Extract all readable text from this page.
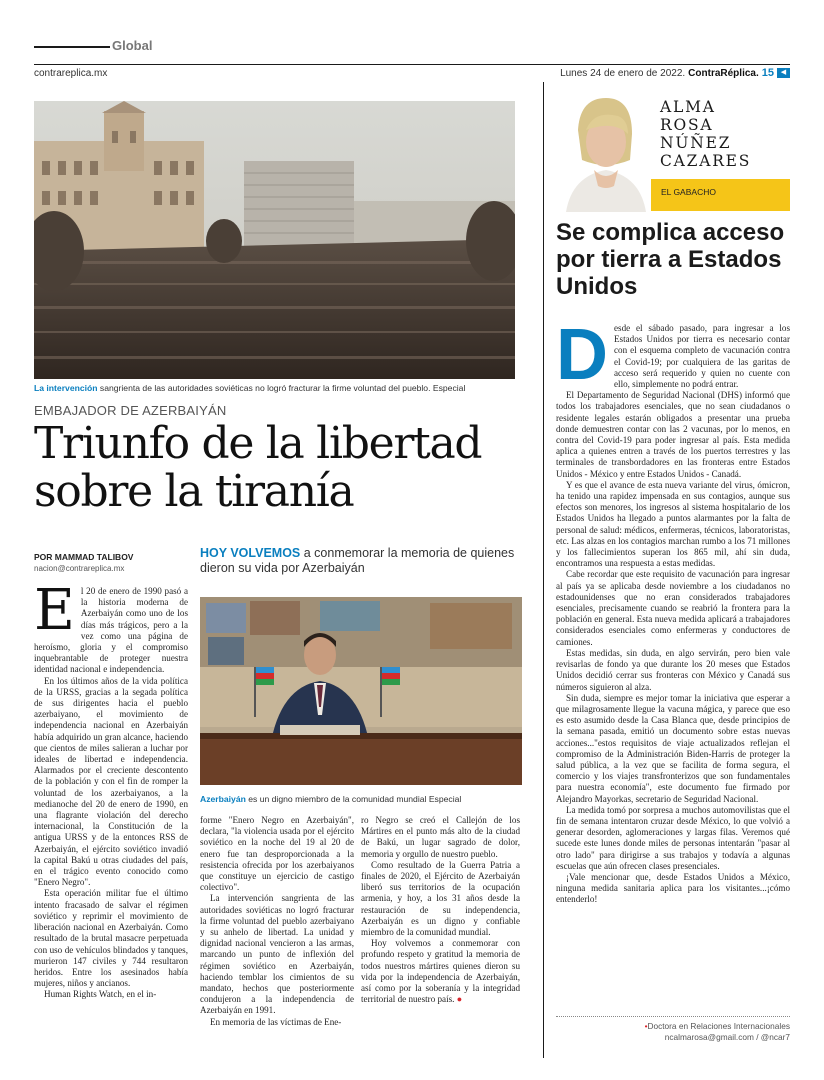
Global
contrareplica.mx	Lunes 24 de enero de 2022. ContraRéplica. 15 ◀
La intervención sangrienta de las autoridades soviéticas no logró fracturar la firme voluntad del pueblo. Especial
EMBAJADOR DE AZERBAIYÁN
Triunfo de la libertad sobre la tiranía
POR MAMMAD TALIBOV
nacion@contrareplica.mx
HOY VOLVEMOS a conmemorar la memoria de quienes dieron su vida por Azerbaiyán
Azerbaiyán es un digno miembro de la comunidad mundial Especial
E l 20 de enero de 1990 pasó a la historia moderna de Azerbaiyán como uno de los días más trágicos, pero a la vez como una página de heroísmo, gloria y el compromiso inquebrantable de proteger nuestra identidad nacional e independencia.

En los últimos años de la vida política de la URSS, gracias a la segada política de sus dirigentes hacia el pueblo azerbaiyano, el movimiento de independencia nacional en Azerbaiyán había adquirido un gran alcance, haciendo que cientos de miles salieran a luchar por ideales de libertad e independencia. Alarmados por el creciente descontento de la población y con el fin de romper la voluntad de los azerbaiyanos, a la medianoche del 20 de enero de 1990, en una flagrante violación del derecho internacional, la Constitución de la antigua URSS y de la entonces RSS de Azerbaiyán, el ejército soviético invadió la capital Bakú u otras ciudades del país, en el trágico evento conocido como "Enero Negro".

Esta operación militar fue el último intento fracasado de salvar el régimen soviético y reprimir el movimiento de liberación nacional en Azerbaiyán. Como resultado de la brutal masacre perpetuada con uso de vehículos blindados y tanques, murieron 147 civiles y 744 resultaron heridos. Entre los asesinados había mujeres, niños y ancianos.

Human Rights Watch, en el in-

forme "Enero Negro en Azerbaiyán", declara, "la violencia usada por el ejército soviético en la noche del 19 al 20 de enero fue tan desproporcionada a la resistencia ofrecida por los azerbaiyanos que constituye un ejercicio de castigo colectivo".

La intervención sangrienta de las autoridades soviéticas no logró fracturar la firme voluntad del pueblo azerbaiyano y su anhelo de libertad. La unidad y dignidad nacional vencieron a las armas, marcando un punto de inflexión del régimen soviético en Azerbaiyán, haciendo temblar los cimientos de su mandato, hechos que posteriormente condujeron a la independencia de Azerbaiyán en 1991.

En memoria de las víctimas de Ene-

ro Negro se creó el Callejón de los Mártires en el punto más alto de la ciudad de Bakú, un lugar sagrado de dolor, memoria y orgullo de nuestro pueblo.

Como resultado de la Guerra Patria a finales de 2020, el Ejército de Azerbaiyán liberó sus territorios de la ocupación armenia, y hoy, a los 31 años desde la restauración de su independencia, Azerbaiyán es un digno y confiable miembro de la comunidad mundial.

Hoy volvemos a conmemorar con profundo respeto y gratitud la memoria de todos nuestros mártires quienes dieron su vida por la independencia de Azerbaiyán, así como por la soberanía y la integridad territorial de nuestro país. ●

ALMA
ROSA
NÚÑEZ
CAZARES
EL GABACHO
Se complica acceso por tierra a Estados Unidos
D esde el sábado pasado, para ingresar a los Estados Unidos por tierra es necesario contar con el esquema completo de vacunación contra el Covid-19; por cualquiera de las garitas de acceso será requerido y quien no cuente con ello, simplemente no podrá entrar.

El Departamento de Seguridad Nacional (DHS) informó que todos los trabajadores esenciales, que no sean ciudadanos o residente legales estarán obligados a presentar una prueba donde demuestren contar con las 2 vacunas, por lo menos, en contra del Covid-19 para poder ingresar al país. Esta medida aplica a quienes entren a través de los puertos terrestres y las terminales de transbordadores en las fronteras entre Estados Unidos - México y entre Estados Unidos - Canadá.

Y es que el avance de esta nueva variante del virus, ómicron, ha tenido una rapidez impensada en sus contagios, aunque sus efectos son menores, los ingresos al sistema hospitalario de los Estados Unidos ha llegado a puntos alarmantes por la falta de personal de salud: médicos, enfermeras, técnicos, laboratoristas, etc. Las alzas en los contagios marchan rumbo a los 71 millones y los fallecimientos superan los 865 mil, ahí sin duda, encontramos una respuesta a estas medidas.

Cabe recordar que este requisito de vacunación para ingresar al país ya se aplicaba desde noviembre a los ciudadanos no estadounidenses que no eran considerados trabajadores esenciales, precisamente cuando se reabrió la frontera para la población en general. Esta nueva medida aplicará a trabajadores considerados esenciales como enfermeras y conductores de camiones.

Estas medidas, sin duda, en algo servirán, pero bien vale revisarlas de fondo ya que durante los 20 meses que Estados Unidos decidió cerrar sus fronteras con México y Canadá sus números siguieron al alza.

Sin duda, siempre es mejor tomar la iniciativa que esperar a que milagrosamente llegue la vacuna mágica, y parece que eso es esto asumido desde la Casa Blanca que, desde principios de la semana pasada, emitió un documento sobre estas nuevas acciones..."estos requisitos de viaje actualizados reflejan el compromiso de la Administración Biden-Harris de proteger la salud pública, a la vez que se facilita de forma segura, el comercio y los viajes transfronterizos que son fundamentales para nuestra economía", este documento fue firmado por Alejandro Mayorkas, secretario de Seguridad Nacional.

La medida tomó por sorpresa a muchos automovilistas que el fin de semana intentaron cruzar desde México, lo que volvió a generar desorden, aglomeraciones y largas filas. Veremos qué sucede este lunes donde miles de personas intentarán "pasar al otro lado" para dirigirse a sus trabajos y todavía a algunas escuelas que aún ofrecen clases presenciales.

¡Vale mencionar que, desde Estados Unidos a México, ninguna medida sanitaria aplica para los visitantes...¡cómo entenderlo!

•Doctora en Relaciones Internacionales
ncalmarosa@gmail.com / @ncar7
